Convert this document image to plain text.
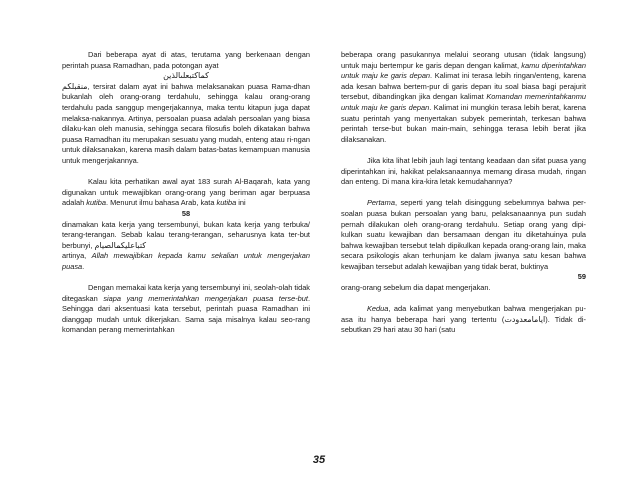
Dari beberapa ayat di atas, terutama yang berkenaan dengan perintah puasa Ramadhan, pada potongan ayat

كماكتبعلىالذين

منقبلكم, tersirat dalam ayat ini bahwa melaksanakan puasa Rama-dhan bukanlah oleh orang-orang terdahulu, sehingga kalau orang-orang terdahulu pada sanggup mengerjakannya, maka tentu kitapun juga dapat melaksa-nakannya. Artinya, persoalan puasa adalah persoalan yang biasa dilaku-kan oleh manusia, sehingga secara filosufis boleh dikatakan bahwa puasa Ramadhan itu merupakan sesuatu yang mudah, enteng atau ri-ngan untuk dilaksanakan, karena masih dalam batas-batas kemampuan manusia untuk mengerjakannya.

Kalau kita perhatikan awal ayat 183 surah Al-Baqarah, kata yang digunakan untuk mewajibkan orang-orang yang beriman agar berpuasa adalah kutiba. Menurut ilmu bahasa Arab, kata kutiba ini

58

dinamakan kata kerja yang tersembunyi, bukan kata kerja yang terbuka/ terang-terangan. Sebab kalau terang-terangan, seharusnya kata ter-but berbunyi, كتباعليكمالصيام

artinya, Allah mewajibkan kepada kamu sekalian untuk mengerjakan puasa.

Dengan memakai kata kerja yang tersembunyi ini, seolah-olah tidak ditegaskan siapa yang memerintahkan mengerjakan puasa terse-but. Sehingga dari aksentuasi kata tersebut, perintah puasa Ramadhan ini dianggap mudah untuk dikerjakan. Sama saja misalnya kalau seo-rang komandan perang memerintahkan

beberapa orang pasukannya melalui seorang utusan (tidak langsung) untuk maju bertempur ke garis depan dengan kalimat, kamu diperintahkan untuk maju ke garis depan. Kalimat ini terasa lebih ringan/enteng, karena ada kesan bahwa bertem-pur di garis depan itu soal biasa bagi perajurit tersebut, dibandingkan jika dengan kalimat Komandan memerintahkanmu untuk maju ke garis depan. Kalimat ini mungkin terasa lebih berat, karena suatu perintah yang menyertakan subyek pemerintah, terkesan bahwa perintah terse-but bukan main-main, sehingga terasa lebih berat jika dilaksanakan.

Jika kita lihat lebih jauh lagi tentang keadaan dan sifat puasa yang diperintahkan ini, hakikat pelaksanaannya memang dirasa mudah, ringan dan enteng. Di mana kira-kira letak kemudahannya?

Pertama, seperti yang telah disinggung sebelumnya bahwa per-soalan puasa bukan persoalan yang baru, pelaksanaannya pun sudah pernah dilakukan oleh orang-orang terdahulu. Setiap orang yang dipi-kulkan suatu kewajiban dan bersamaan dengan itu diketahuinya pula bahwa kewajiban tersebut telah dipikulkan kepada orang-orang lain, maka secara psikologis akan terhunjam ke dalam jiwanya satu kesan bahwa kewajiban tersebut adalah kewajiban yang tidak berat, buktinya

59

orang-orang sebelum dia dapat mengerjakan.

Kedua, ada kalimat yang menyebutkan bahwa mengerjakan pu-asa itu hanya beberapa hari yang tertentu (ايامامعدودت). Tidak di-sebutkan 29 hari atau 30 hari (satu

35
